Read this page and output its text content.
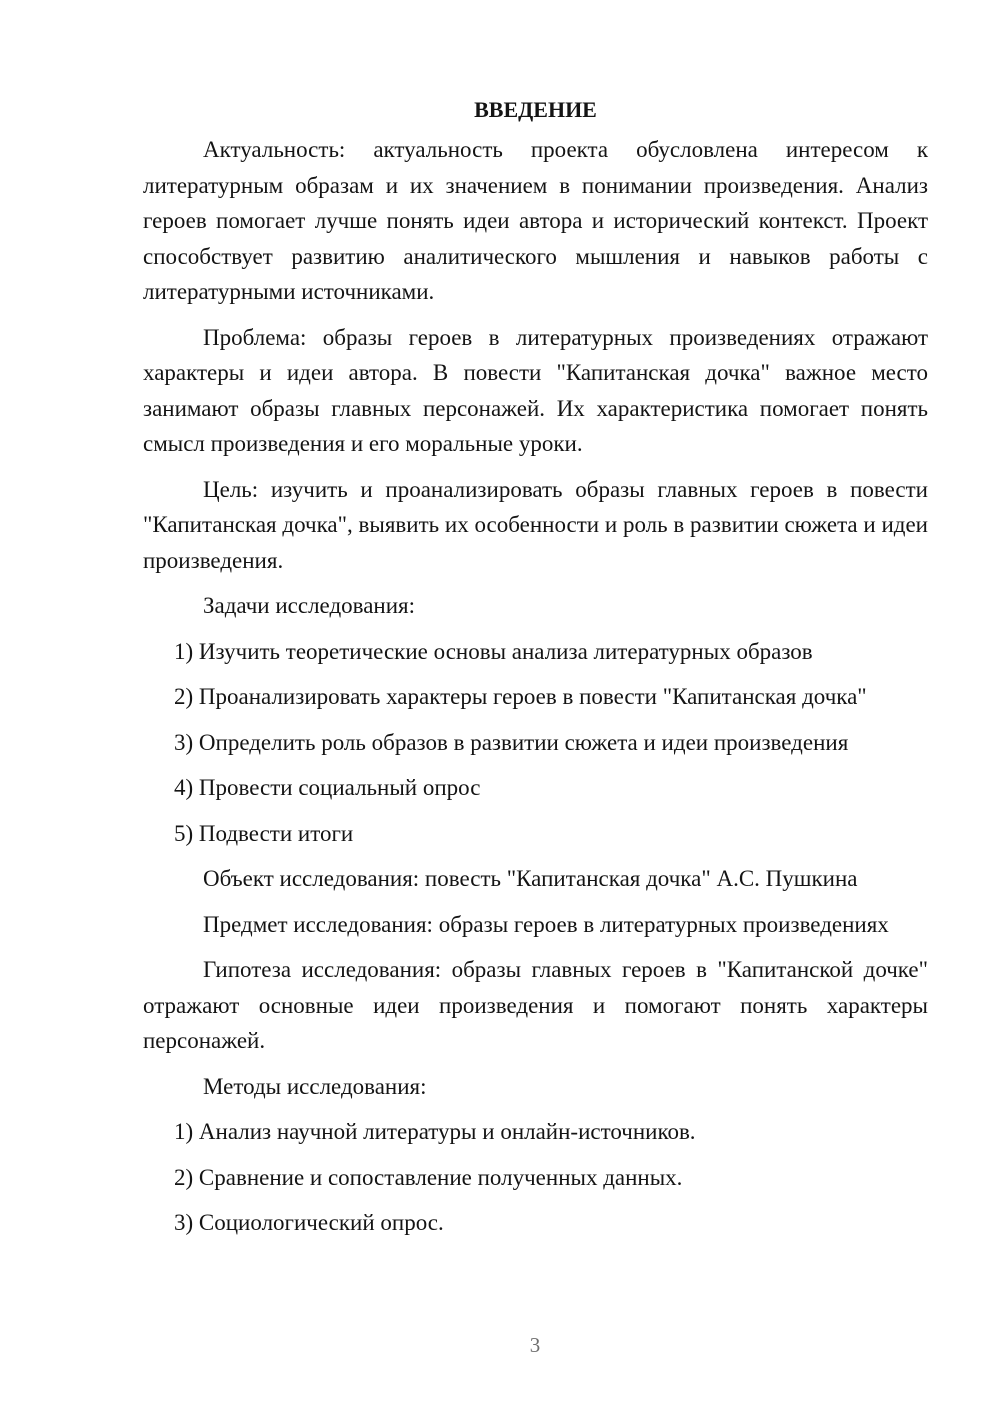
ВВЕДЕНИЕ

Актуальность: актуальность проекта обусловлена интересом к литературным образам и их значением в понимании произведения. Анализ героев помогает лучше понять идеи автора и исторический контекст. Проект способствует развитию аналитического мышления и навыков работы с литературными источниками.

Проблема: образы героев в литературных произведениях отражают характеры и идеи автора. В повести "Капитанская дочка" важное место занимают образы главных персонажей. Их характеристика помогает понять смысл произведения и его моральные уроки.

Цель: изучить и проанализировать образы главных героев в повести "Капитанская дочка", выявить их особенности и роль в развитии сюжета и идеи произведения.

Задачи исследования:

1) Изучить теоретические основы анализа литературных образов

2) Проанализировать характеры героев в повести "Капитанская дочка"

3) Определить роль образов в развитии сюжета и идеи произведения

4) Провести социальный опрос

5) Подвести итоги

Объект исследования: повесть "Капитанская дочка" А.С. Пушкина

Предмет исследования: образы героев в литературных произведениях

Гипотеза исследования: образы главных героев в "Капитанской дочке" отражают основные идеи произведения и помогают понять характеры персонажей.

Методы исследования:

1) Анализ научной литературы и онлайн-источников.

2) Сравнение и сопоставление полученных данных.

3) Социологический опрос.

3
